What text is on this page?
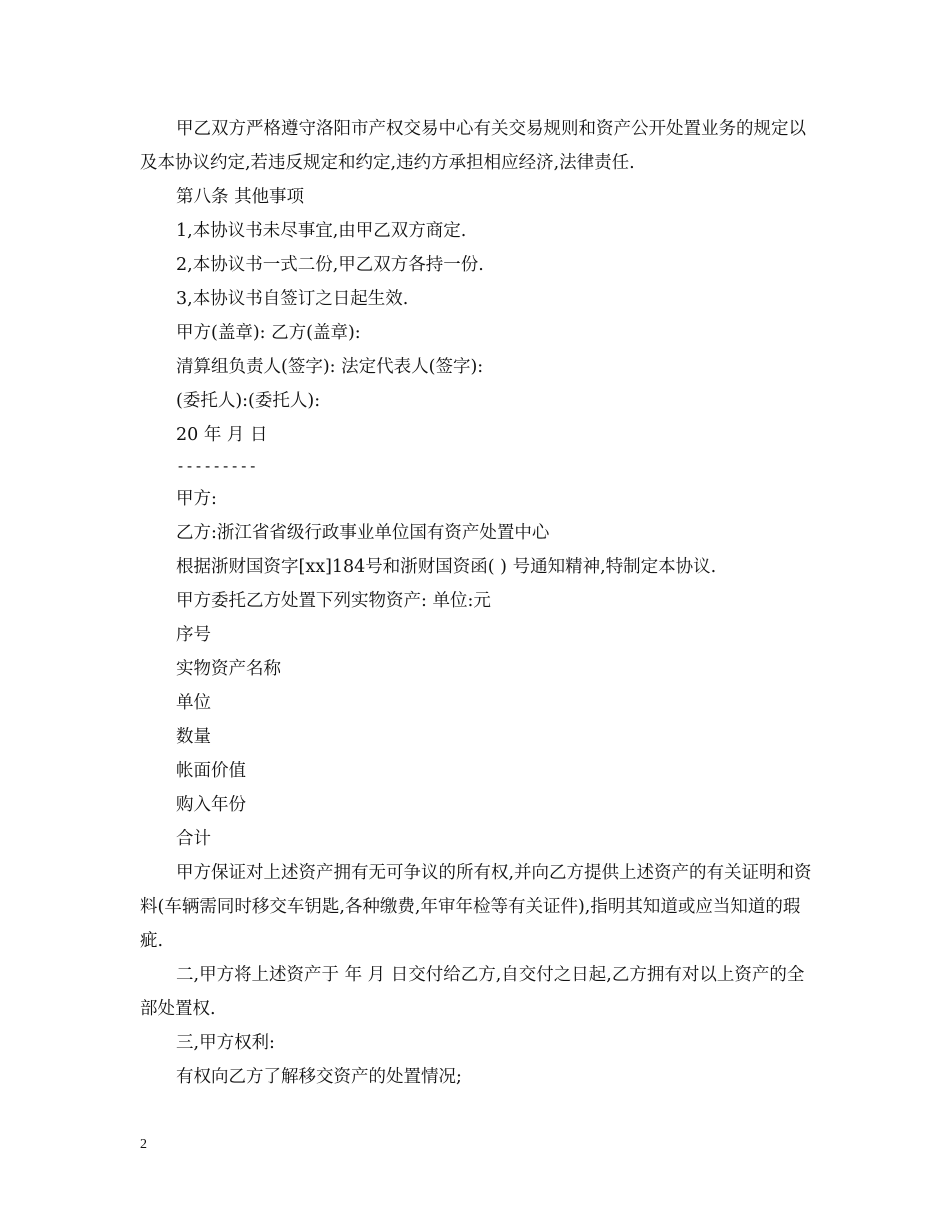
甲乙双方严格遵守洛阳市产权交易中心有关交易规则和资产公开处置业务的规定以及本协议约定,若违反规定和约定,违约方承担相应经济,法律责任.

第八条 其他事项

1,本协议书未尽事宜,由甲乙双方商定.

2,本协议书一式二份,甲乙双方各持一份.

3,本协议书自签订之日起生效.

甲方(盖章): 乙方(盖章):

清算组负责人(签字): 法定代表人(签字):

(委托人):(委托人):

20 年 月 日

---------

甲方:

乙方:浙江省省级行政事业单位国有资产处置中心

根据浙财国资字[xx]184号和浙财国资函( ) 号通知精神,特制定本协议.

甲方委托乙方处置下列实物资产: 单位:元

序号

实物资产名称

单位

数量

帐面价值

购入年份

合计

甲方保证对上述资产拥有无可争议的所有权,并向乙方提供上述资产的有关证明和资料(车辆需同时移交车钥匙,各种缴费,年审年检等有关证件),指明其知道或应当知道的瑕疵.

二,甲方将上述资产于 年 月 日交付给乙方,自交付之日起,乙方拥有对以上资产的全部处置权.

三,甲方权利:

有权向乙方了解移交资产的处置情况;

2
